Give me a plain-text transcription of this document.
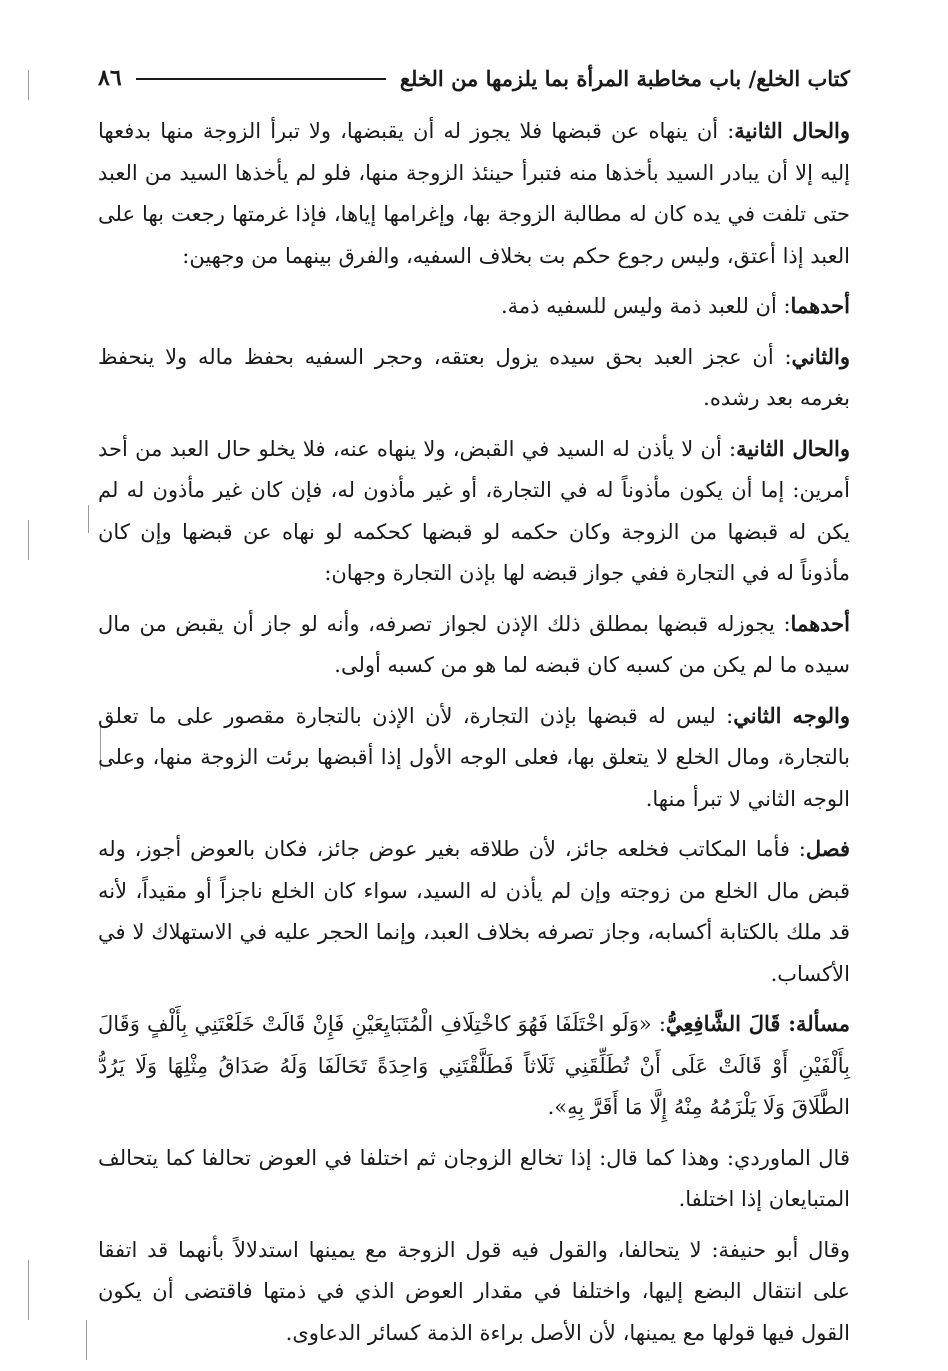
كتاب الخلع/ باب مخاطبة المرأة بما يلزمها من الخلع
٨٦

والحال الثانية: أن ينهاه عن قبضها فلا يجوز له أن يقبضها، ولا تبرأ الزوجة منها بدفعها إليه إلا أن يبادر السيد بأخذها منه فتبرأ حينئذ الزوجة منها، فلو لم يأخذها السيد من العبد حتى تلفت في يده كان له مطالبة الزوجة بها، وإغرامها إياها، فإذا غرمتها رجعت بها على العبد إذا أعتق، وليس رجوع حكم بت بخلاف السفيه، والفرق بينهما من وجهين:

أحدهما: أن للعبد ذمة وليس للسفيه ذمة.

والثاني: أن عجز العبد بحق سيده يزول بعتقه، وحجر السفيه بحفظ ماله ولا ينحفظ بغرمه بعد رشده.

والحال الثانية: أن لا يأذن له السيد في القبض، ولا ينهاه عنه، فلا يخلو حال العبد من أحد أمرين: إما أن يكون مأذوناً له في التجارة، أو غير مأذون له، فإن كان غير مأذون له لم يكن له قبضها من الزوجة وكان حكمه لو قبضها كحكمه لو نهاه عن قبضها وإن كان مأذوناً له في التجارة ففي جواز قبضه لها بإذن التجارة وجهان:

أحدهما: يجوزله قبضها بمطلق ذلك الإذن لجواز تصرفه، وأنه لو جاز أن يقبض من مال سيده ما لم يكن من كسبه كان قبضه لما هو من كسبه أولى.

والوجه الثاني: ليس له قبضها بإذن التجارة، لأن الإذن بالتجارة مقصور على ما تعلق بالتجارة، ومال الخلع لا يتعلق بها، فعلى الوجه الأول إذا أقبضها برئت الزوجة منها، وعلى الوجه الثاني لا تبرأ منها.

فصل: فأما المكاتب فخلعه جائز، لأن طلاقه بغير عوض جائز، فكان بالعوض أجوز، وله قبض مال الخلع من زوجته وإن لم يأذن له السيد، سواء كان الخلع ناجزاً أو مقيداً، لأنه قد ملك بالكتابة أكسابه، وجاز تصرفه بخلاف العبد، وإنما الحجر عليه في الاستهلاك لا في الأكساب.

مسألة: قَالَ الشَّافِعِيُّ: «وَلَو اخْتَلَفَا فَهُوَ كاخْتِلَافِ الْمُتَبَايِعَيْنِ فَإِنْ قَالَتْ خَلَعْتَنِي بِأَلْفٍ وَقَالَ بِأَلْفَيْنِ أَوْ قَالَتْ عَلَى أَنْ تُطَلِّقَنِي ثَلَاثاً فَطَلَّقْتَنِي وَاحِدَةً تَحَالَفَا وَلَهُ صَدَاقُ مِثْلِهَا وَلَا يَرُدُّ الطَّلَاقَ وَلَا يَلْزَمُهُ مِنْهُ إِلَّا مَا أَقَرَّ بِهِ».

قال الماوردي: وهذا كما قال: إذا تخالع الزوجان ثم اختلفا في العوض تحالفا كما يتحالف المتبايعان إذا اختلفا.

وقال أبو حنيفة: لا يتحالفا، والقول فيه قول الزوجة مع يمينها استدلالاً بأنهما قد اتفقا على انتقال البضع إليها، واختلفا في مقدار العوض الذي في ذمتها فاقتضى أن يكون القول فيها قولها مع يمينها، لأن الأصل براءة الذمة كسائر الدعاوى.
